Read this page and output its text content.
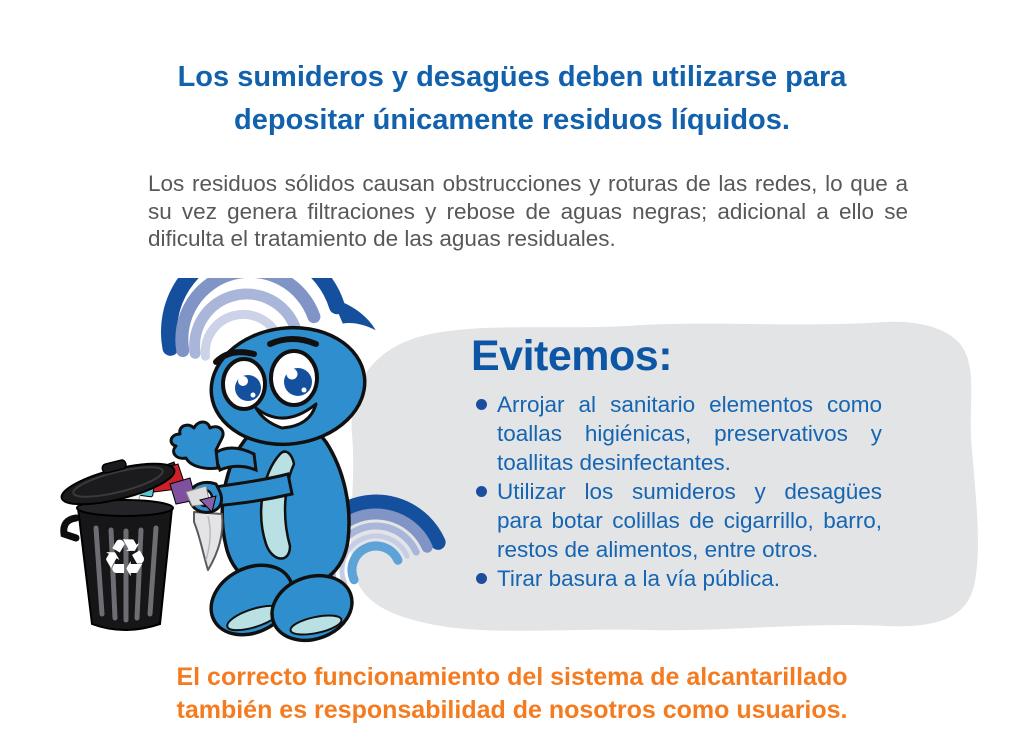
Los sumideros y desagües deben utilizarse para
depositar únicamente residuos líquidos.

Los residuos sólidos causan obstrucciones y roturas de las redes, lo que a su vez genera filtraciones y rebose de aguas negras; adicional a ello se dificulta el tratamiento de las aguas residuales.

Evitemos:
Arrojar al sanitario elementos como toallas higiénicas, preservativos y toallitas desinfectantes.
Utilizar los sumideros y desagües para botar colillas de cigarrillo, barro, restos de alimentos, entre otros.
Tirar basura a la vía pública.
♻
El correcto funcionamiento del sistema de alcantarillado
también es responsabilidad de nosotros como usuarios.
